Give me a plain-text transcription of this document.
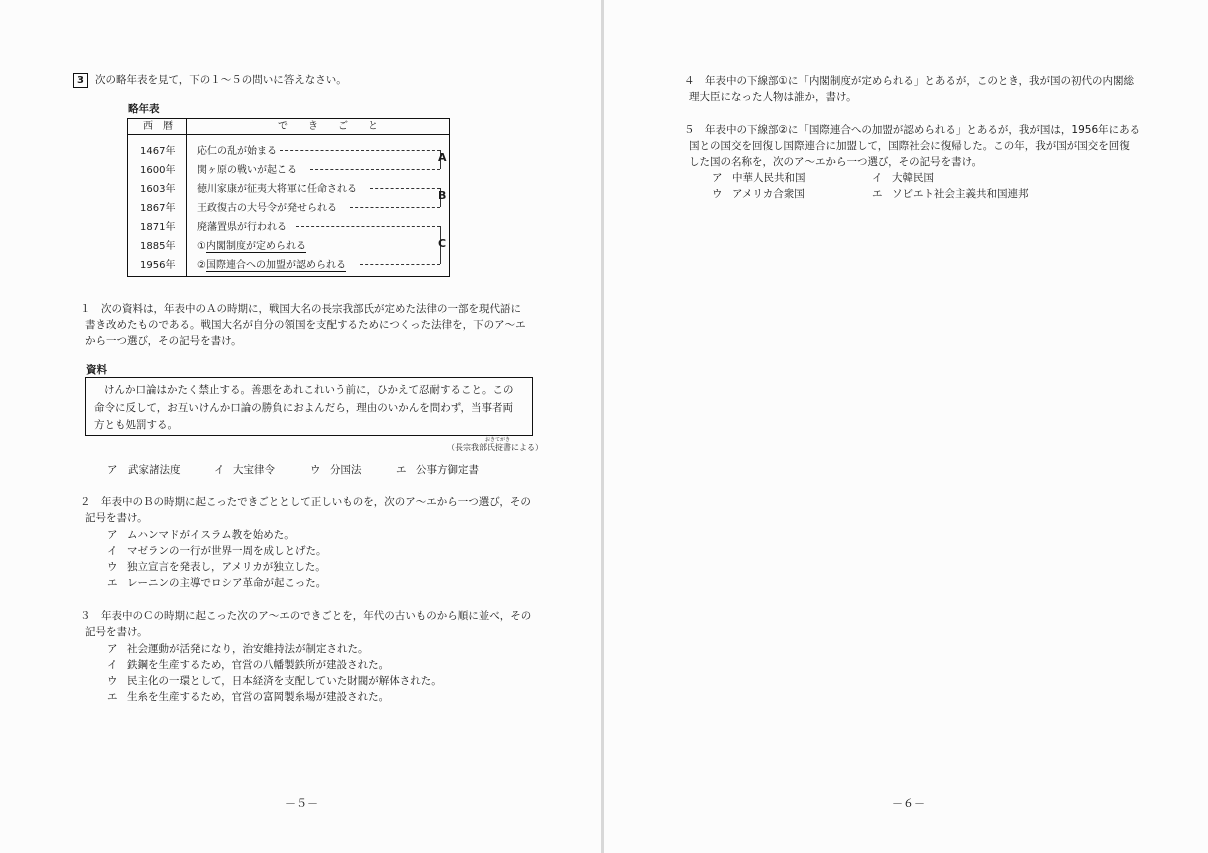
3	次の略年表を見て，下の１～５の問いに答えなさい。
略年表
西　暦	で　　き　　ご　　と
1467年 応仁の乱が始まる
1600年 関ヶ原の戦いが起こる
1603年 徳川家康が征夷大将軍に任命される
1867年 王政復古の大号令が発せられる
1871年 廃藩置県が行われる
1885年 ①内閣制度が定められる
1956年 ②国際連合への加盟が認められる
A
B
C
１　次の資料は，年表中のＡの時期に，戦国大名の長宗我部氏が定めた法律の一部を現代語に
書き改めたものである。戦国大名が自分の領国を支配するためにつくった法律を，下のア～エ
から一つ選び，その記号を書け。
資料
けんか口論はかたく禁止する。善悪をあれこれいう前に，ひかえて忍耐すること。この
命令に反して，お互いけんか口論の勝負におよんだら，理由のいかんを問わず，当事者両
方とも処罰する。
おきてがき
（長宗我部氏掟書による）
ア 武家諸法度	イ 大宝律令	ウ 分国法	エ 公事方御定書
２　年表中のＢの時期に起こったできごととして正しいものを，次のア～エから一つ選び，その
記号を書け。
ア ムハンマドがイスラム教を始めた。
イ マゼランの一行が世界一周を成しとげた。
ウ 独立宣言を発表し，アメリカが独立した。
エ レーニンの主導でロシア革命が起こった。
３　年表中のＣの時期に起こった次のア～エのできごとを，年代の古いものから順に並べ，その
記号を書け。
ア 社会運動が活発になり，治安維持法が制定された。
イ 鉄鋼を生産するため，官営の八幡製鉄所が建設された。
ウ 民主化の一環として，日本経済を支配していた財閥が解体された。
エ 生糸を生産するため，官営の富岡製糸場が建設された。
－５－
４　年表中の下線部①に「内閣制度が定められる」とあるが，このとき，我が国の初代の内閣総
理大臣になった人物は誰か，書け。
５　年表中の下線部②に「国際連合への加盟が認められる」とあるが，我が国は，1956年にある
国との国交を回復し国際連合に加盟して，国際社会に復帰した。この年，我が国が国交を回復
した国の名称を，次のア～エから一つ選び，その記号を書け。
ア 中華人民共和国	イ 大韓民国
ウ アメリカ合衆国	エ ソビエト社会主義共和国連邦
－６－
